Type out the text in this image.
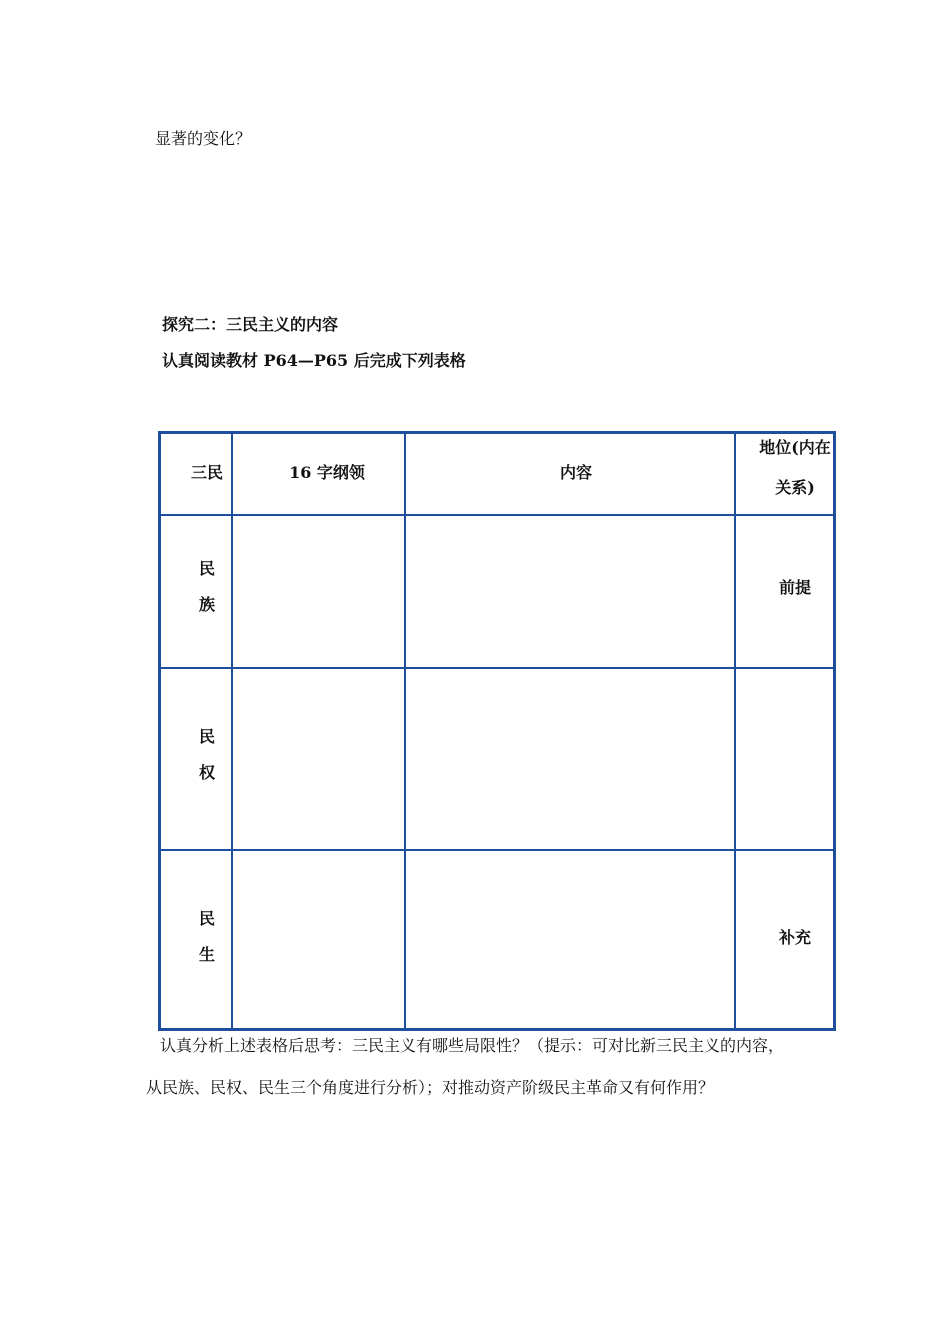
显著的变化？
探究二：三民主义的内容
认真阅读教材 P64—P65 后完成下列表格
三民	16 字纲领	内容
地位(内在
关系)
民
族
前提
民
权
民
生
补充
认真分析上述表格后思考：三民主义有哪些局限性？（提示：可对比新三民主义的内容，
从民族、民权、民生三个角度进行分析）；对推动资产阶级民主革命又有何作用？
